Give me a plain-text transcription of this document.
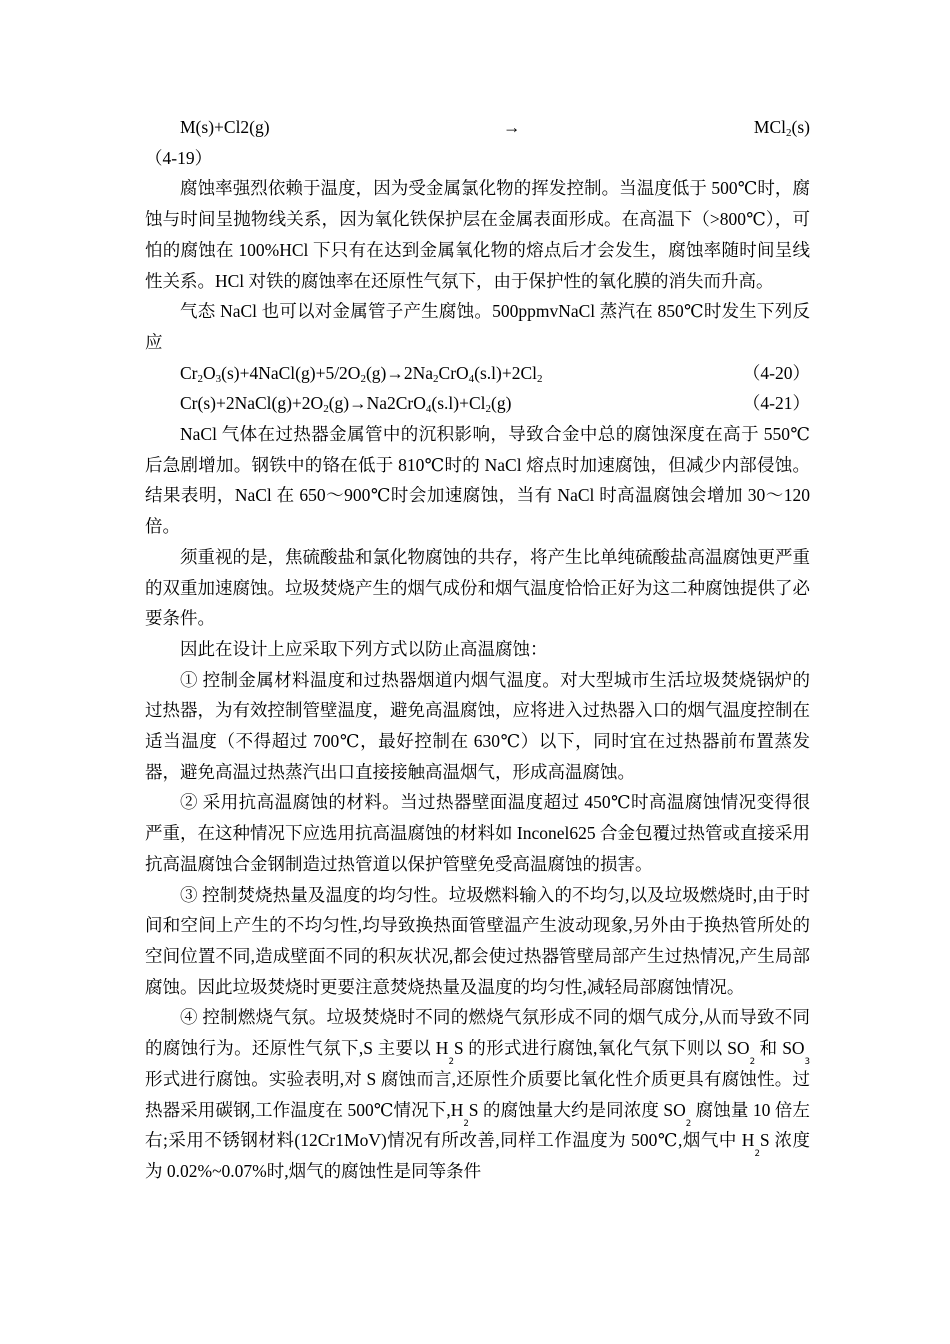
M(s)+Cl2(g)	→	MCl$_2$(s)

（4-19）

腐蚀率强烈依赖于温度，因为受金属氯化物的挥发控制。当温度低于 500℃时，腐蚀与时间呈抛物线关系，因为氧化铁保护层在金属表面形成。在高温下（>800℃），可怕的腐蚀在 100%HCl 下只有在达到金属氧化物的熔点后才会发生，腐蚀率随时间呈线性关系。HCl 对铁的腐蚀率在还原性气氛下，由于保护性的氧化膜的消失而升高。

气态 NaCl 也可以对金属管子产生腐蚀。500ppmvNaCl 蒸汽在 850℃时发生下列反应

$Cr_2O_3(s)+4NaCl(g)+5/2O_2(g)\to 2Na_2CrO_4(s.l)+2Cl_2$	（4-20）
$Cr(s)+2NaCl(g)+2O_2(g)\to Na2CrO_4(s.l)+Cl_2(g)$	（4-21）

NaCl 气体在过热器金属管中的沉积影响，导致合金中总的腐蚀深度在高于 550℃后急剧增加。钢铁中的铬在低于 810℃时的 NaCl 熔点时加速腐蚀，但减少内部侵蚀。结果表明，NaCl 在 650～900℃时会加速腐蚀，当有 NaCl 时高温腐蚀会增加 30～120 倍。

须重视的是，焦硫酸盐和氯化物腐蚀的共存，将产生比单纯硫酸盐高温腐蚀更严重的双重加速腐蚀。垃圾焚烧产生的烟气成份和烟气温度恰恰正好为这二种腐蚀提供了必要条件。

因此在设计上应采取下列方式以防止高温腐蚀：

① 控制金属材料温度和过热器烟道内烟气温度。对大型城市生活垃圾焚烧锅炉的过热器，为有效控制管壁温度，避免高温腐蚀，应将进入过热器入口的烟气温度控制在适当温度（不得超过 700℃，最好控制在 630℃）以下，同时宜在过热器前布置蒸发器，避免高温过热蒸汽出口直接接触高温烟气，形成高温腐蚀。

② 采用抗高温腐蚀的材料。当过热器壁面温度超过 450℃时高温腐蚀情况变得很严重，在这种情况下应选用抗高温腐蚀的材料如 Inconel625 合金包覆过热管或直接采用抗高温腐蚀合金钢制造过热管道以保护管壁免受高温腐蚀的损害。

③ 控制焚烧热量及温度的均匀性。垃圾燃料输入的不均匀,以及垃圾燃烧时,由于时间和空间上产生的不均匀性,均导致换热面管壁温产生波动现象,另外由于换热管所处的空间位置不同,造成壁面不同的积灰状况,都会使过热器管壁局部产生过热情况,产生局部腐蚀。因此垃圾焚烧时更要注意焚烧热量及温度的均匀性,减轻局部腐蚀情况。

④ 控制燃烧气氛。垃圾焚烧时不同的燃烧气氛形成不同的烟气成分,从而导致不同的腐蚀行为。还原性气氛下,S 主要以 $H_2S$ 的形式进行腐蚀,氧化气氛下则以 $SO_2$ 和 $SO_3$ 形式进行腐蚀。实验表明,对 S 腐蚀而言,还原性介质要比氧化性介质更具有腐蚀性。过热器采用碳钢,工作温度在 500℃情况下$,H_2S$ 的腐蚀量大约是同浓度 $SO_2$ 腐蚀量 10 倍左右;采用不锈钢材料(12Cr1MoV)情况有所改善,同样工作温度为 500℃,烟气中 $H_2S$ 浓度为 0.02%~0.07%时,烟气的腐蚀性是同等条件
